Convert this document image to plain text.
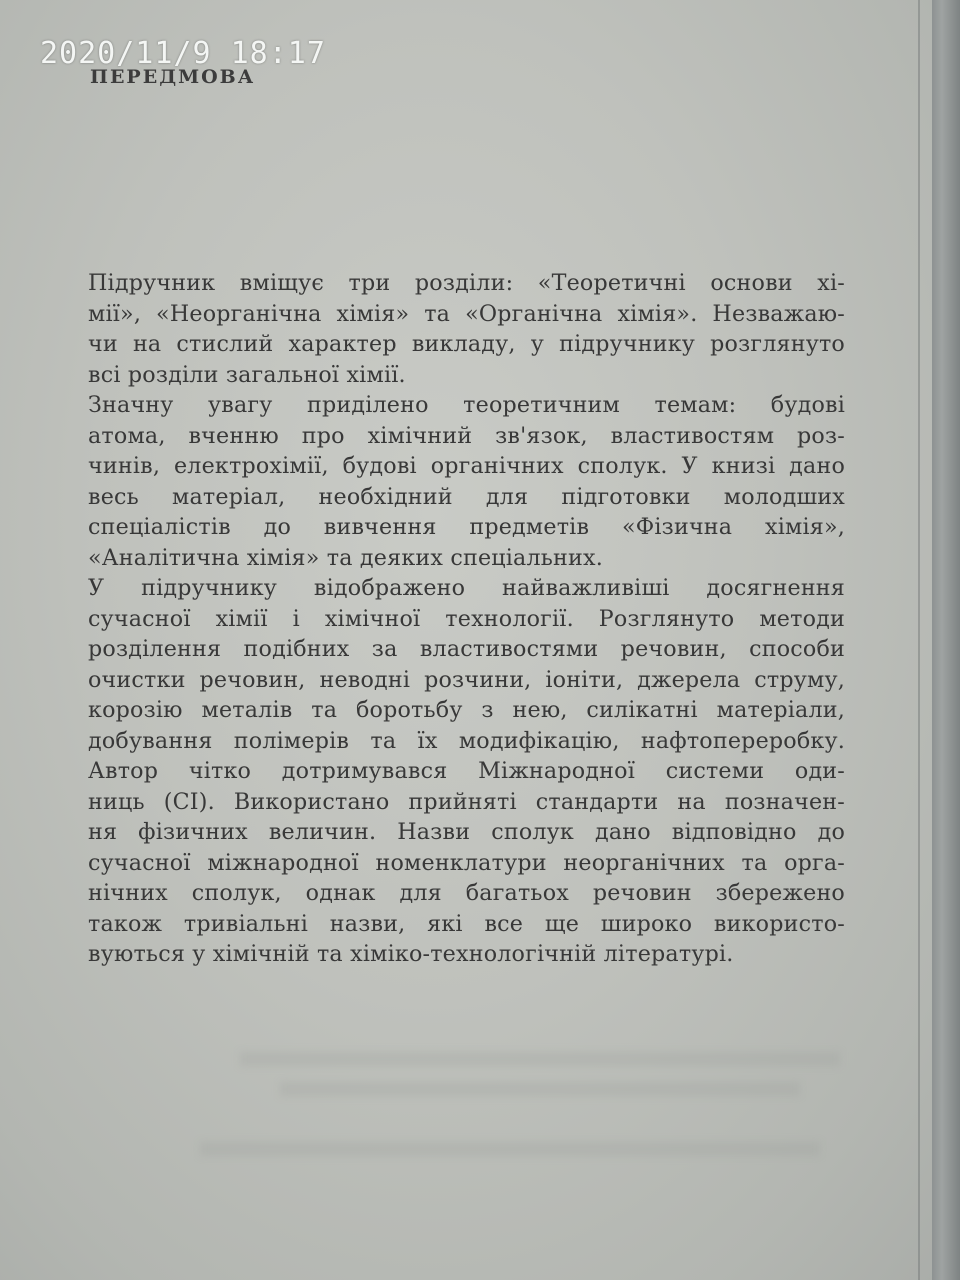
2020/11/9 18:17
ПЕРЕДМОВА
Підручник вміщує три розділи: «Теоретичні основи хі-
мії», «Неорганічна хімія» та «Органічна хімія». Незважаю-
чи на стислий характер викладу, у підручнику розглянуто
всі розділи загальної хімії.
Значну увагу приділено теоретичним темам: будові
атома, вченню про хімічний зв'язок, властивостям роз-
чинів, електрохімії, будові органічних сполук. У книзі дано
весь матеріал, необхідний для підготовки молодших
спеціалістів до вивчення предметів «Фізична хімія»,
«Аналітична хімія» та деяких спеціальних.
У підручнику відображено найважливіші досягнення
сучасної хімії і хімічної технології. Розглянуто методи
розділення подібних за властивостями речовин, способи
очистки речовин, неводні розчини, іоніти, джерела струму,
корозію металів та боротьбу з нею, силікатні матеріали,
добування полімерів та їх модифікацію, нафтопереробку.
Автор чітко дотримувався Міжнародної системи оди-
ниць (СІ). Використано прийняті стандарти на позначен-
ня фізичних величин. Назви сполук дано відповідно до
сучасної міжнародної номенклатури неорганічних та орга-
нічних сполук, однак для багатьох речовин збережено
також тривіальні назви, які все ще широко використо-
вуються у хімічній та хіміко-технологічній літературі.
